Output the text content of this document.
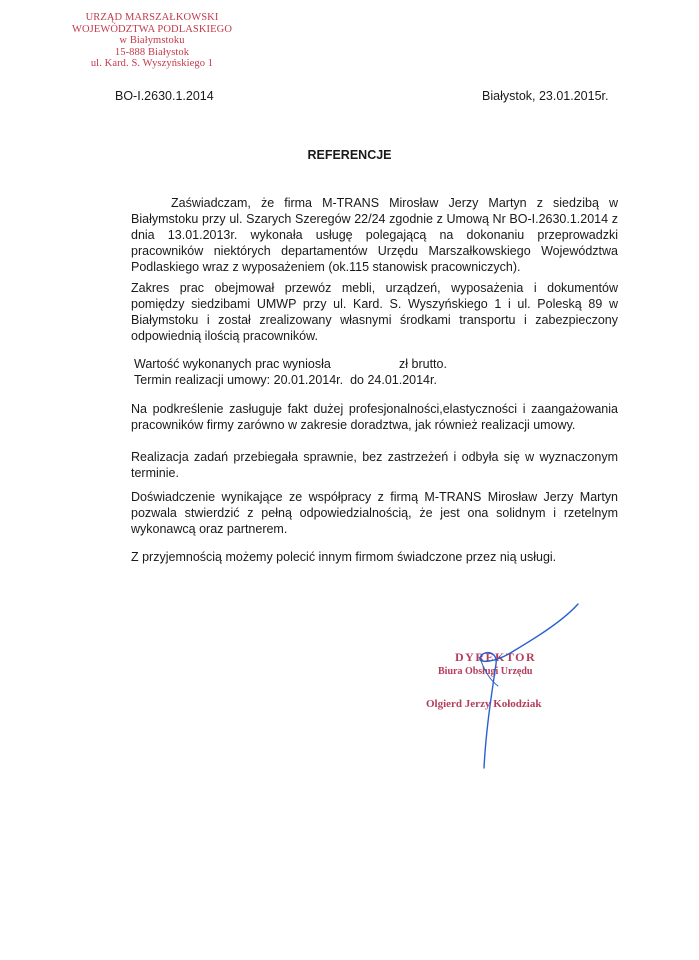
URZĄD MARSZAŁKOWSKI
WOJEWÓDZTWA PODLASKIEGO
w Białymstoku
15-888 Białystok
ul. Kard. S. Wyszyńskiego 1
BO-I.2630.1.2014	Białystok, 23.01.2015r.
REFERENCJE
Zaświadczam, że firma M-TRANS Mirosław Jerzy Martyn z siedzibą w Białymstoku przy ul. Szarych Szeregów 22/24 zgodnie z Umową Nr BO-I.2630.1.2014 z dnia 13.01.2013r. wykonała usługę polegającą na dokonaniu przeprowadzki pracowników niektórych departamentów Urzędu Marszałkowskiego Województwa Podlaskiego wraz z wyposażeniem (ok.115 stanowisk pracowniczych).
Zakres prac obejmował przewóz mebli, urządzeń, wyposażenia i dokumentów pomiędzy siedzibami UMWP przy ul. Kard. S. Wyszyńskiego 1 i ul. Poleską 89 w Białymstoku i został zrealizowany własnymi środkami transportu i zabezpieczony odpowiednią ilością pracowników.
Wartość wykonanych prac wyniosła	zł brutto.
Termin realizacji umowy: 20.01.2014r.  do 24.01.2014r.
Na podkreślenie zasługuje fakt dużej profesjonalności,elastyczności i zaangażowania pracowników firmy zarówno w zakresie doradztwa, jak również realizacji umowy.
Realizacja zadań przebiegała sprawnie, bez zastrzeżeń i odbyła się w wyznaczonym terminie.
Doświadczenie wynikające ze współpracy z firmą M-TRANS Mirosław Jerzy Martyn pozwala stwierdzić z pełną odpowiedzialnością, że jest ona solidnym i rzetelnym wykonawcą oraz partnerem.
Z przyjemnością możemy polecić innym firmom świadczone przez nią usługi.
DYREKTOR
Biura Obsługi Urzędu
Olgierd Jerzy Kołodziak
